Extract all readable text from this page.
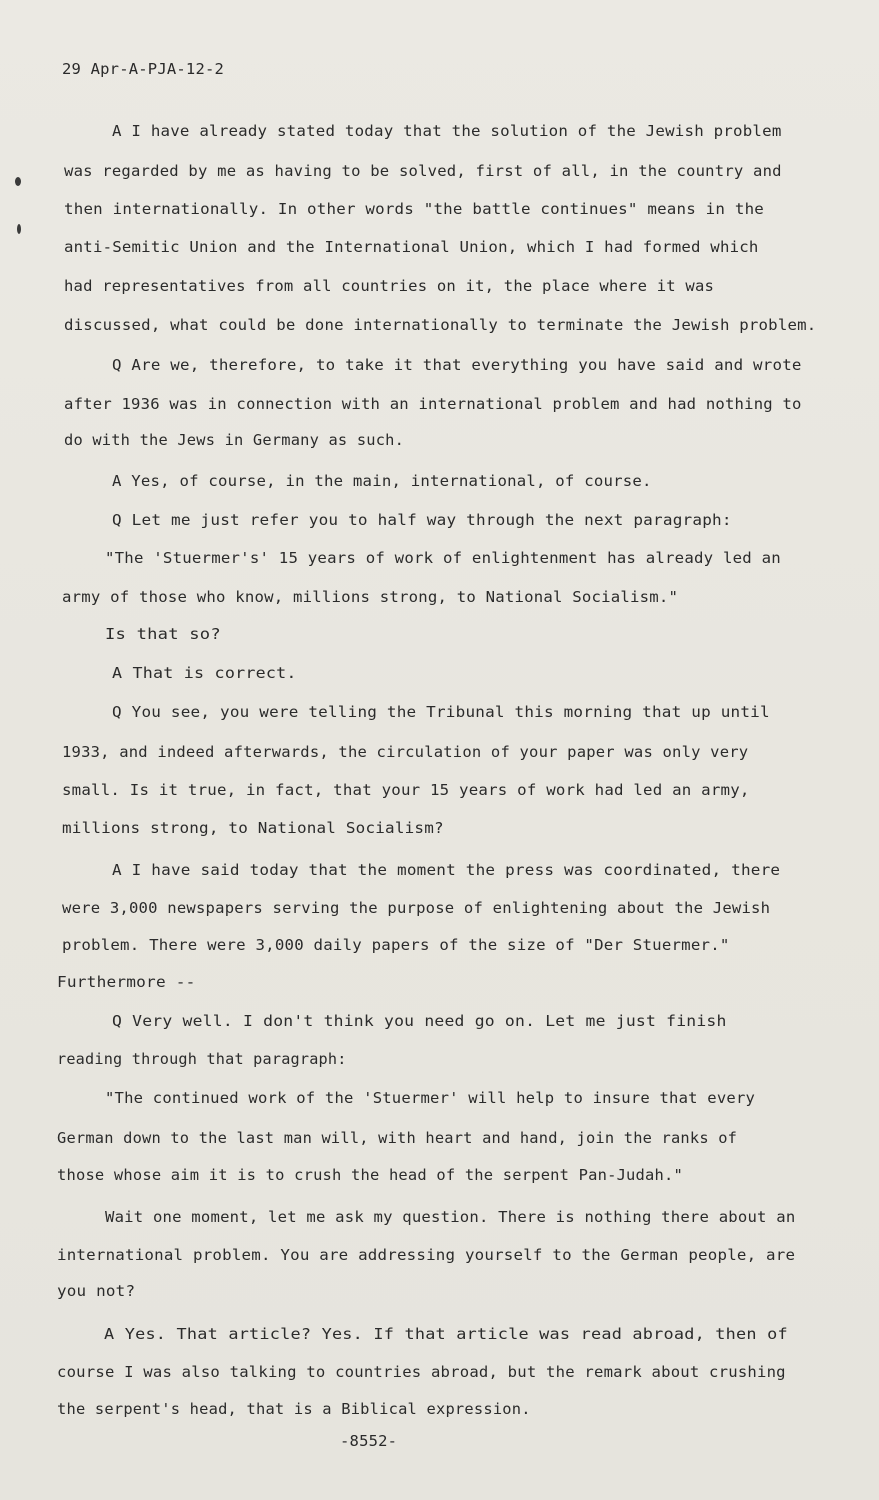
29 Apr-A-PJA-12-2
A I have already stated today that the solution of the Jewish problem
was regarded by me as having to be solved, first of all, in the country and
then internationally. In other words "the battle continues" means in the
anti-Semitic Union and the International Union, which I had formed which
had representatives from all countries on it, the place where it was
discussed, what could be done internationally to terminate the Jewish problem.
Q Are we, therefore, to take it that everything you have said and wrote
after 1936 was in connection with an international problem and had nothing to
do with the Jews in Germany as such.
A Yes, of course, in the main, international, of course.
Q Let me just refer you to half way through the next paragraph:
"The 'Stuermer's' 15 years of work of enlightenment has already led an
army of those who know, millions strong, to National Socialism."
Is that so?
A That is correct.
Q You see, you were telling the Tribunal this morning that up until
1933, and indeed afterwards, the circulation of your paper was only very
small. Is it true, in fact, that your 15 years of work had led an army,
millions strong, to National Socialism?
A I have said today that the moment the press was coordinated, there
were 3,000 newspapers serving the purpose of enlightening about the Jewish
problem. There were 3,000 daily papers of the size of "Der Stuermer."
Furthermore --
Q Very well. I don't think you need go on. Let me just finish
reading through that paragraph:
"The continued work of the 'Stuermer' will help to insure that every
German down to the last man will, with heart and hand, join the ranks of
those whose aim it is to crush the head of the serpent Pan-Judah."
Wait one moment, let me ask my question. There is nothing there about an
international problem. You are addressing yourself to the German people, are
you not?
A Yes. That article? Yes. If that article was read abroad, then of
course I was also talking to countries abroad, but the remark about crushing
the serpent's head, that is a Biblical expression.
-8552-
